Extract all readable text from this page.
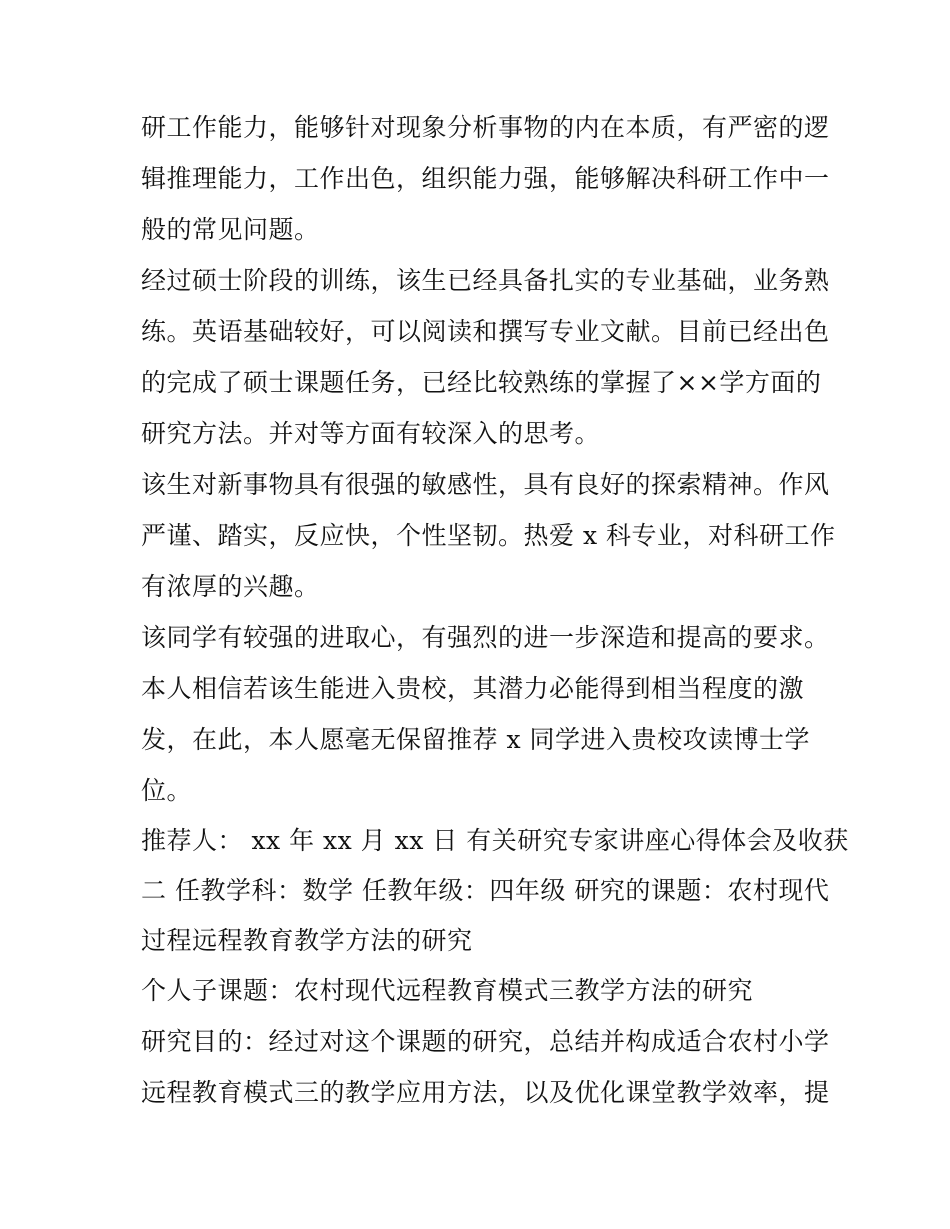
研工作能力，能够针对现象分析事物的内在本质，有严密的逻
辑推理能力，工作出色，组织能力强，能够解决科研工作中一
般的常见问题。
经过硕士阶段的训练，该生已经具备扎实的专业基础，业务熟
练。英语基础较好，可以阅读和撰写专业文献。目前已经出色
的完成了硕士课题任务，已经比较熟练的掌握了××学方面的
研究方法。并对等方面有较深入的思考。
该生对新事物具有很强的敏感性，具有良好的探索精神。作风
严谨、踏实，反应快，个性坚韧。热爱 x 科专业，对科研工作
有浓厚的兴趣。
该同学有较强的进取心，有强烈的进一步深造和提高的要求。
本人相信若该生能进入贵校，其潜力必能得到相当程度的激
发，在此，本人愿毫无保留推荐 x 同学进入贵校攻读博士学
位。
推荐人： xx 年 xx 月 xx 日 有关研究专家讲座心得体会及收获
二 任教学科：数学 任教年级：四年级 研究的课题：农村现代
过程远程教育教学方法的研究
个人子课题：农村现代远程教育模式三教学方法的研究
研究目的：经过对这个课题的研究，总结并构成适合农村小学
远程教育模式三的教学应用方法，以及优化课堂教学效率，提
